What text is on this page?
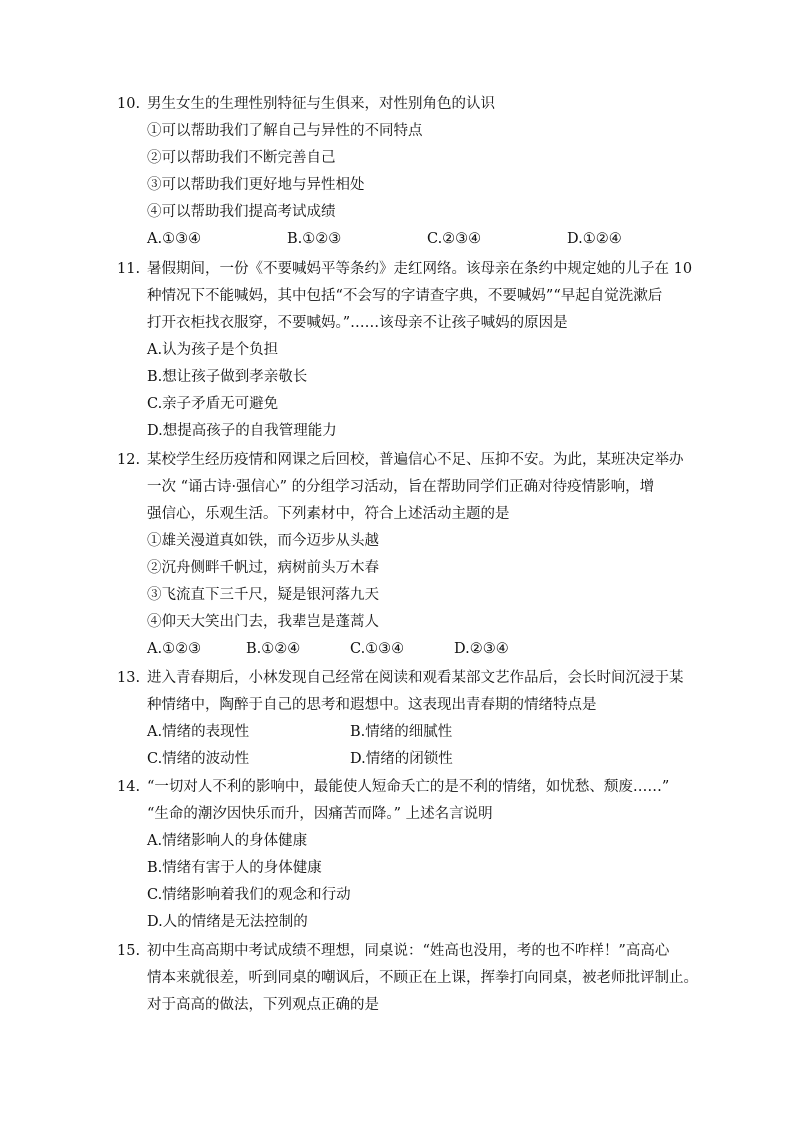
10. 男生女生的生理性别特征与生俱来，对性别角色的认识
①可以帮助我们了解自己与异性的不同特点
②可以帮助我们不断完善自己
③可以帮助我们更好地与异性相处
④可以帮助我们提高考试成绩
A.①③④	B.①②③	C.②③④	D.①②④
11. 暑假期间，一份《不要喊妈平等条约》走红网络。该母亲在条约中规定她的儿子在 10
种情况下不能喊妈，其中包括“不会写的字请查字典，不要喊妈”“早起自觉洗漱后
打开衣柜找衣服穿，不要喊妈。”……该母亲不让孩子喊妈的原因是
A.认为孩子是个负担
B.想让孩子做到孝亲敬长
C.亲子矛盾无可避免
D.想提高孩子的自我管理能力
12. 某校学生经历疫情和网课之后回校，普遍信心不足、压抑不安。为此，某班决定举办
一次 “诵古诗·强信心” 的分组学习活动，旨在帮助同学们正确对待疫情影响，增
强信心，乐观生活。下列素材中，符合上述活动主题的是
①雄关漫道真如铁，而今迈步从头越
②沉舟侧畔千帆过，病树前头万木春
③飞流直下三千尺，疑是银河落九天
④仰天大笑出门去，我辈岂是蓬蒿人
A.①②③	B.①②④	C.①③④	D.②③④
13. 进入青春期后，小林发现自己经常在阅读和观看某部文艺作品后，会长时间沉浸于某
种情绪中，陶醉于自己的思考和遐想中。这表现出青春期的情绪特点是
A.情绪的表现性	B.情绪的细腻性
C.情绪的波动性	D.情绪的闭锁性
14. “一切对人不利的影响中，最能使人短命夭亡的是不利的情绪，如忧愁、颓废……”
“生命的潮汐因快乐而升，因痛苦而降。” 上述名言说明
A.情绪影响人的身体健康
B.情绪有害于人的身体健康
C.情绪影响着我们的观念和行动
D.人的情绪是无法控制的
15. 初中生高高期中考试成绩不理想，同桌说：“姓高也没用，考的也不咋样！”高高心
情本来就很差，听到同桌的嘲讽后，不顾正在上课，挥拳打向同桌，被老师批评制止。
对于高高的做法，下列观点正确的是
